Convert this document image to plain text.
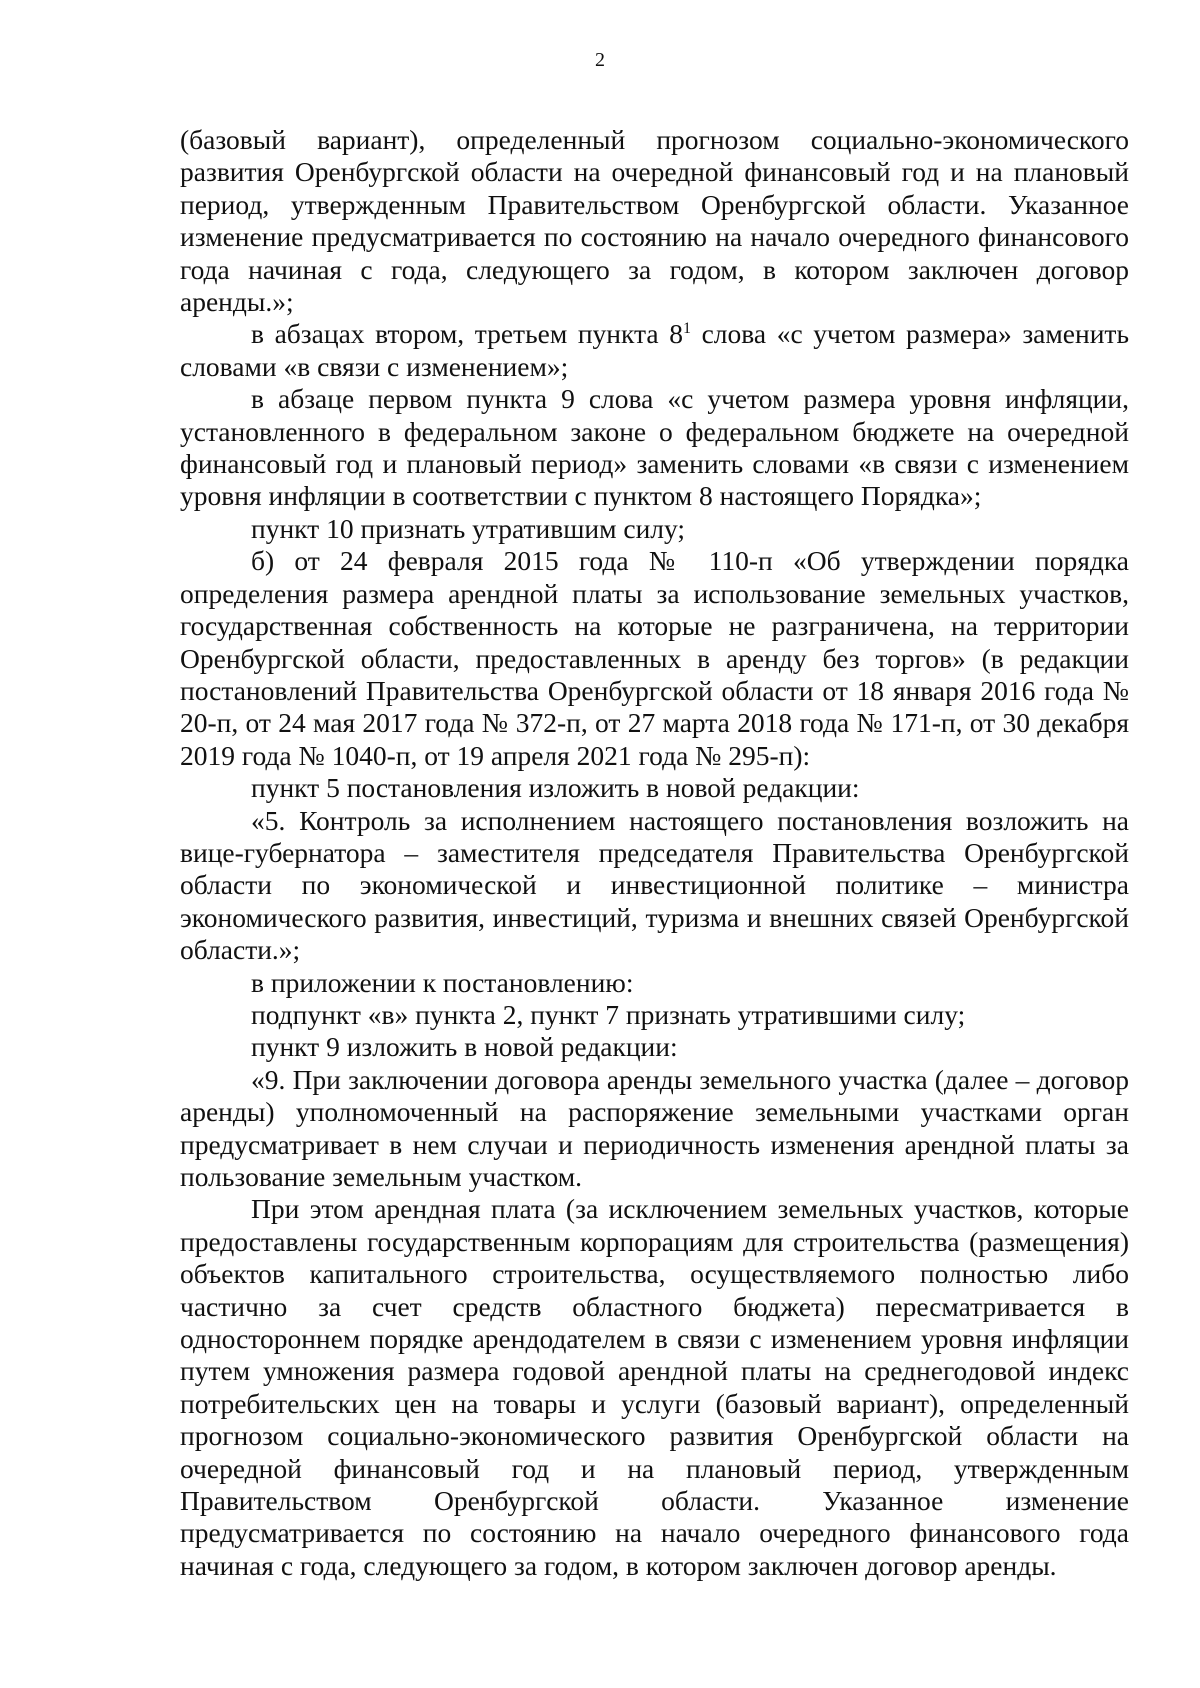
2

(базовый вариант), определенный прогнозом социально-экономического развития Оренбургской области на очередной финансовый год и на плановый период, утвержденным Правительством Оренбургской области. Указанное изменение предусматривается по состоянию на начало очередного финансового года начиная с года, следующего за годом, в котором заключен договор аренды.»;

в абзацах втором, третьем пункта $8^1$ слова «с учетом размера» заменить словами «в связи с изменением»;

в абзаце первом пункта 9 слова «с учетом размера уровня инфляции, установленного в федеральном законе о федеральном бюджете на очередной финансовый год и плановый период» заменить словами «в связи с изменением уровня инфляции в соответствии с пунктом 8 настоящего Порядка»;

пункт 10 признать утратившим силу;

б) от 24 февраля 2015 года № 110-п «Об утверждении порядка определения размера арендной платы за использование земельных участков, государственная собственность на которые не разграничена, на территории Оренбургской области, предоставленных в аренду без торгов» (в редакции постановлений Правительства Оренбургской области от 18 января 2016 года № 20-п, от 24 мая 2017 года № 372-п, от 27 марта 2018 года № 171-п, от 30 декабря 2019 года № 1040-п, от 19 апреля 2021 года № 295-п):

пункт 5 постановления изложить в новой редакции:

«5. Контроль за исполнением настоящего постановления возложить на вице-губернатора – заместителя председателя Правительства Оренбургской области по экономической и инвестиционной политике – министра экономического развития, инвестиций, туризма и внешних связей Оренбургской области.»;

в приложении к постановлению:

подпункт «в» пункта 2, пункт 7 признать утратившими силу;

пункт 9 изложить в новой редакции:

«9. При заключении договора аренды земельного участка (далее – договор аренды) уполномоченный на распоряжение земельными участками орган предусматривает в нем случаи и периодичность изменения арендной платы за пользование земельным участком.

При этом арендная плата (за исключением земельных участков, которые предоставлены государственным корпорациям для строительства (размещения) объектов капитального строительства, осуществляемого полностью либо частично за счет средств областного бюджета) пересматривается в одностороннем порядке арендодателем в связи с изменением уровня инфляции путем умножения размера годовой арендной платы на среднегодовой индекс потребительских цен на товары и услуги (базовый вариант), определенный прогнозом социально-экономического развития Оренбургской области на очередной финансовый год и на плановый период, утвержденным Правительством Оренбургской области. Указанное изменение предусматривается по состоянию на начало очередного финансового года начиная с года, следующего за годом, в котором заключен договор аренды.
